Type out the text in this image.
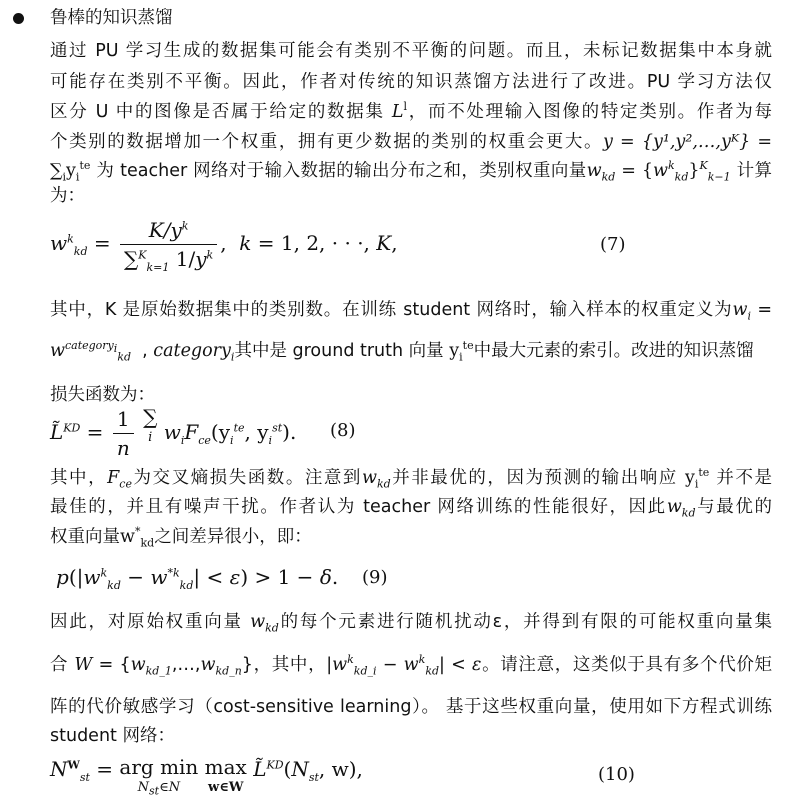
鲁棒的知识蒸馏
通过 PU 学习生成的数据集可能会有类别不平衡的问题。而且，未标记数据集中本身就
可能存在类别不平衡。因此，作者对传统的知识蒸馏方法进行了改进。PU 学习方法仅
区分 U 中的图像是否属于给定的数据集 $L^l$，而不处理输入图像的特定类别。作者为每
个类别的数据增加一个权重，拥有更少数据的类别的权重会更大。y = {y¹,y²,…,yᴷ} =
$\sum_iy_i^{te}$ 为 teacher 网络对于输入数据的输出分布之和，类别权重向量$w_{kd} = \{w^k_{kd}\}^K_{k-1}$ 计算
为：
$w^k_{kd} = \frac{K/y^k}{\sum^K_{k=1} 1/y^k}$ ,  k = 1, 2, · · ·, K,	(7)
其中，K 是原始数据集中的类别数。在训练 student 网络时，输入样本的权重定义为$w_i$ =
$w^{category_i}_{kd}$  , category$_i$其中是 ground truth 向量 $y_i^{te}$中最大元素的索引。改进的知识蒸馏
损失函数为：
L̃$^{KD}$ = $\frac{1}{n}$ ∑
i $w_iF_{ce}(y_i^{te}$, $y_i^{st}$). (8)
其中，$F_{ce}$为交叉熵损失函数。注意到$w_{kd}$并非最优的，因为预测的输出响应 $y_i^{te}$ 并不是
最佳的，并且有噪声干扰。作者认为 teacher 网络训练的性能很好，因此$w_{kd}$与最优的
权重向量$w^*_{kd}$之间差异很小，即：
$p(|w^k_{kd} - w^{*k}_{kd}| < \varepsilon) > 1 - \delta$. (9)
因此，对原始权重向量 $w_{kd}$的每个元素进行随机扰动ε，并得到有限的可能权重向量集
合 $W = \{w_{kd\_1},\dots,w_{kd\_n}\}$，其中，$|w^k_{kd\_i} - w^k_{kd}| < \varepsilon$。请注意，这类似于具有多个代价矩
阵的代价敏感学习（cost-sensitive learning）。 基于这些权重向量，使用如下方程式训练
student 网络：
$N^W_{st}$ = arg min
$N_{st}\in N$
max
w∈W
$L̃^{KD}(N_{st}$, w),	(10)
